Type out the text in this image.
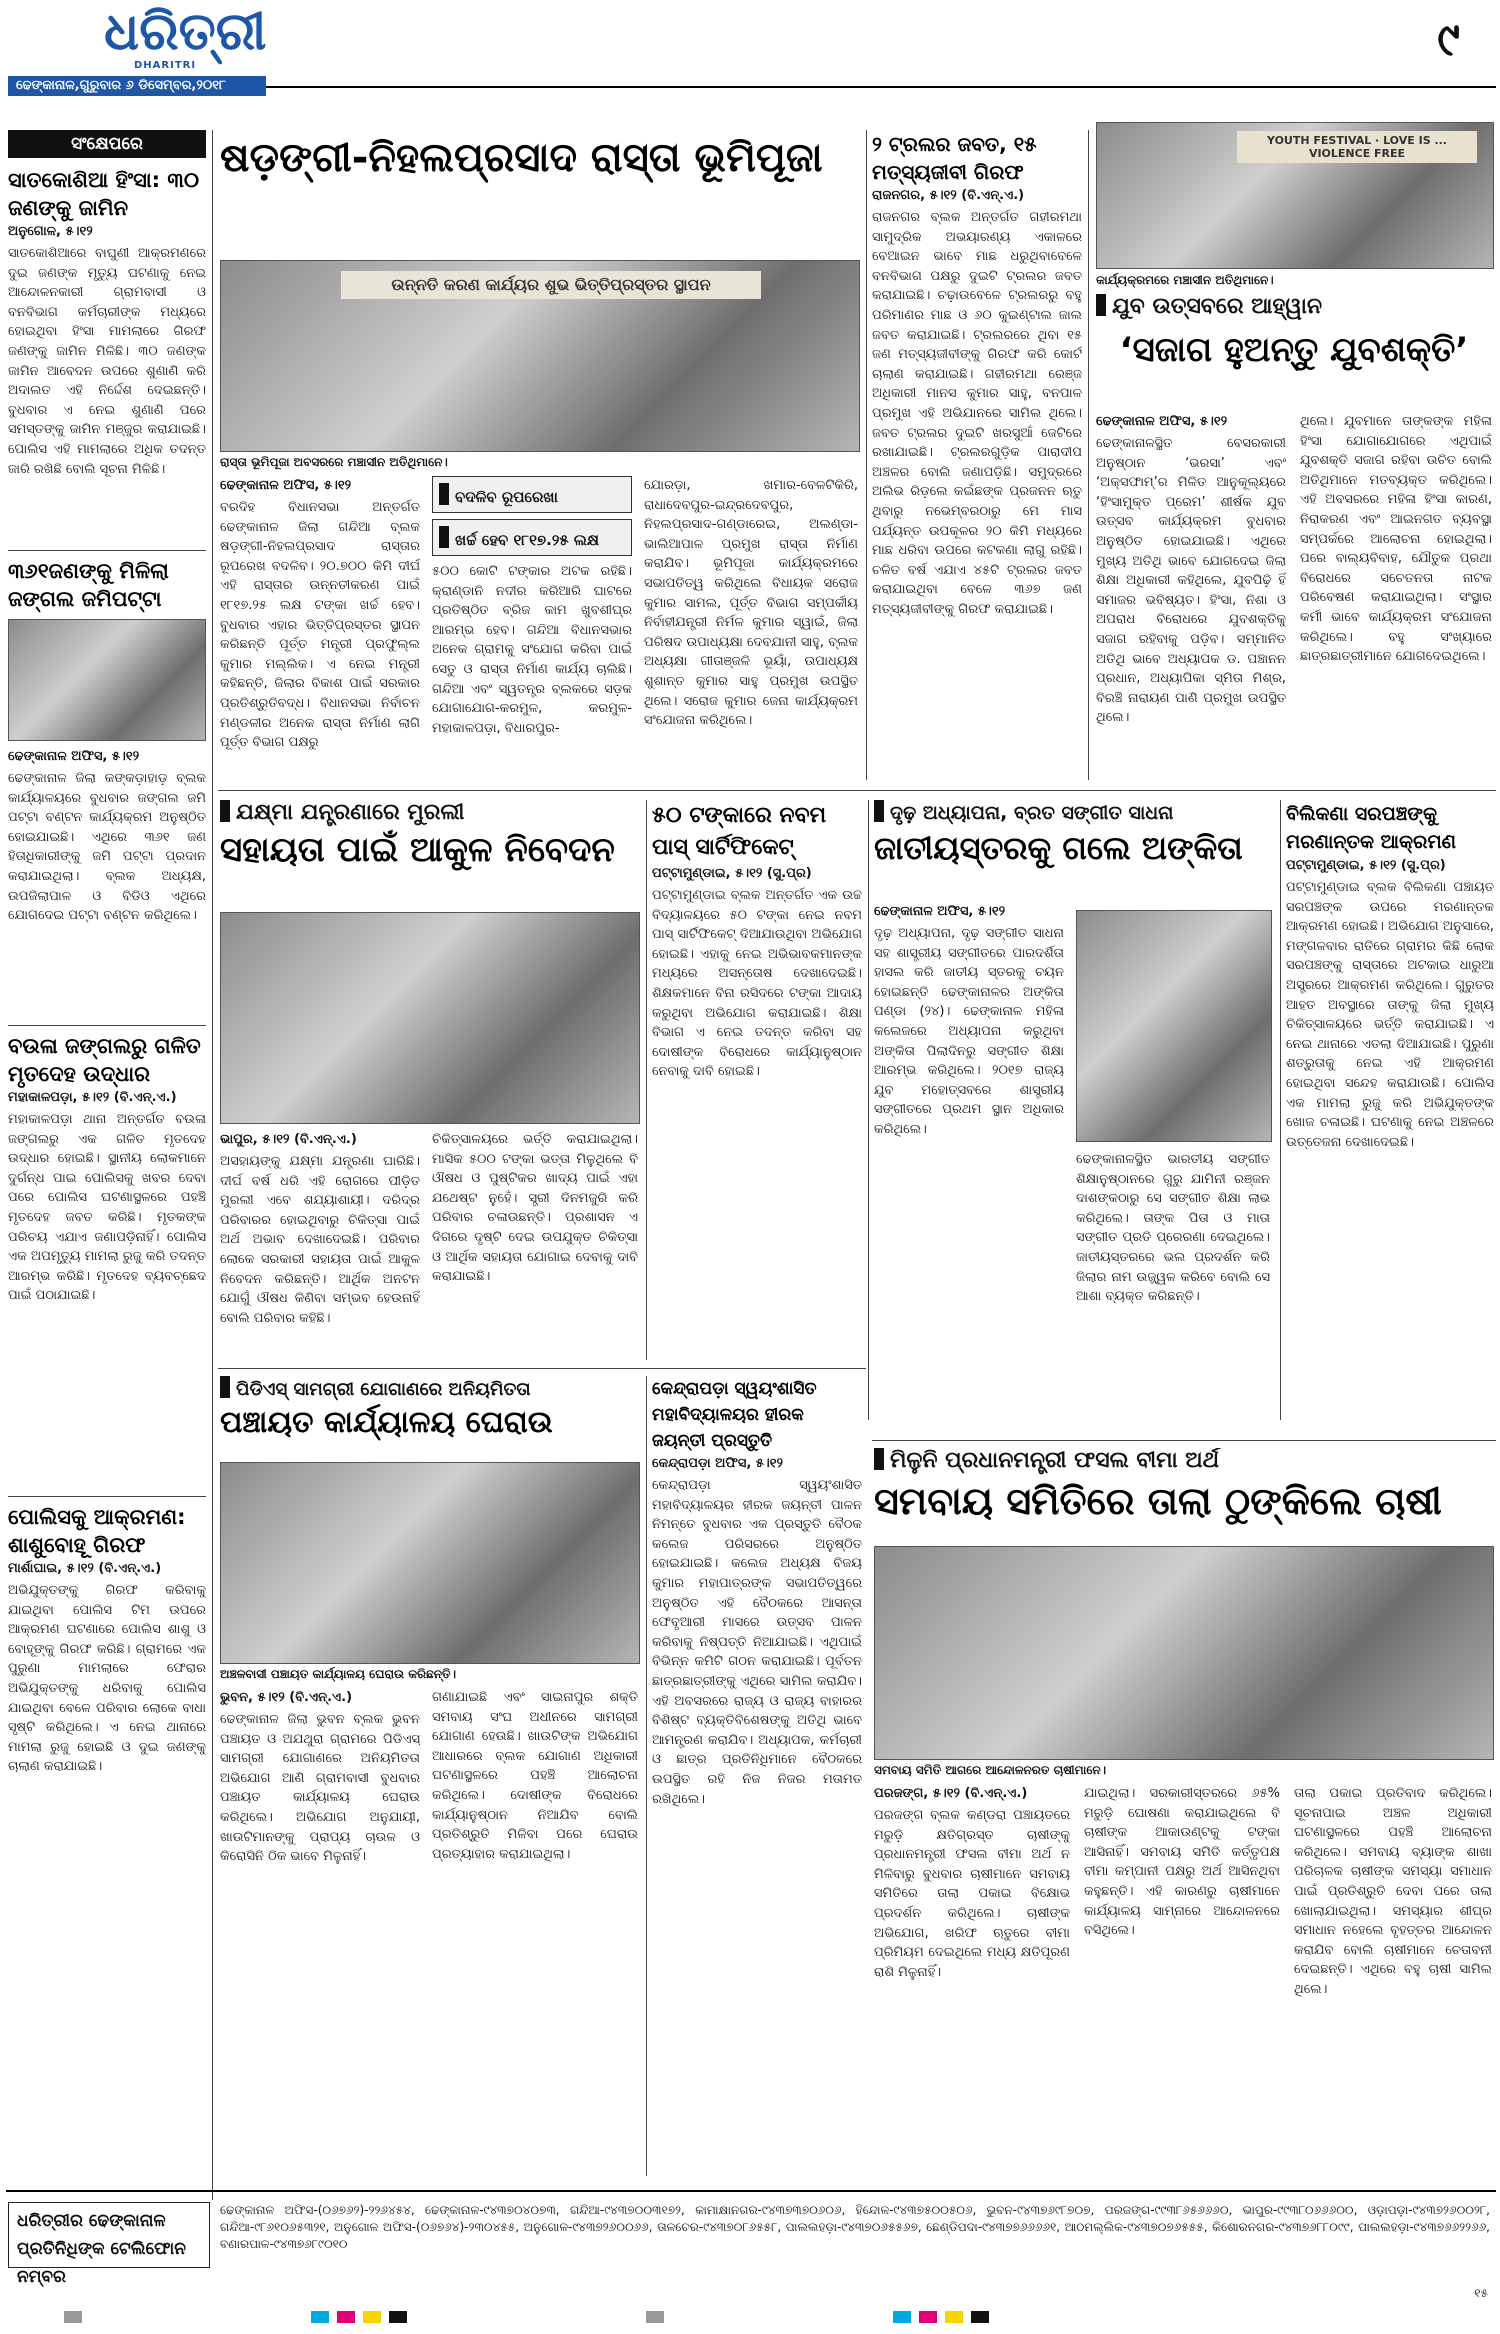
ଧରିତ୍ରୀ
DHARITRI	୯
ଢେଙ୍କାନାଳ,ଗୁରୁବାର ୬ ଡିସେମ୍ବର,୨୦୧୮
ସଂକ୍ଷେପରେ

ସାତକୋଶିଆ ହିଂସା: ୩୦ ଜଣଙ୍କୁ ଜାମିନ

ଅନୁଗୋଳ, ୫।୧୨

ସାତକୋଶିଆରେ ବାଘୁଣୀ ଆକ୍ରମଣରେ ଦୁଇ ଜଣଙ୍କ ମୃତ୍ୟୁ ଘଟଣାକୁ ନେଇ ଆନ୍ଦୋଳନକାରୀ ଗ୍ରାମବାସୀ ଓ ବନବିଭାଗ କର୍ମଚାରୀଙ୍କ ମଧ୍ୟରେ ହୋଇଥିବା ହିଂସା ମାମଲାରେ ଗିରଫ ଜଣଙ୍କୁ ଜାମିନ ମିଳିଛି। ୩୦ ଜଣଙ୍କ ଜାମିନ ଆବେଦନ ଉପରେ ଶୁଣାଣି କରି ଅଦାଲତ ଏହି ନିର୍ଦ୍ଦେଶ ଦେଇଛନ୍ତି। ବୁଧବାର ଏ ନେଇ ଶୁଣାଣି ପରେ ସମସ୍ତଙ୍କୁ ଜାମିନ ମଞ୍ଜୁର କରାଯାଇଛି। ପୋଲିସ ଏହି ମାମଲାରେ ଅଧିକ ତଦନ୍ତ ଜାରି ରଖିଛି ବୋଲି ସୂଚନା ମିଳିଛି।

୩୬୧ଜଣଙ୍କୁ ମିଳିଲା ଜଙ୍ଗଲ ଜମିପଟ୍ଟା

ଢେଙ୍କାନାଳ ଅଫିସ, ୫।୧୨

ଢେଙ୍କାନାଳ ଜିଲା କଙ୍କଡ଼ାହାଡ଼ ବ୍ଲକ କାର୍ଯ୍ୟାଳୟରେ ବୁଧବାର ଜଙ୍ଗଲ ଜମି ପଟ୍ଟା ବଣ୍ଟନ କାର୍ଯ୍ୟକ୍ରମ ଅନୁଷ୍ଠିତ ହୋଇଯାଇଛି। ଏଥିରେ ୩୬୧ ଜଣ ହିତାଧିକାରୀଙ୍କୁ ଜମି ପଟ୍ଟା ପ୍ରଦାନ କରାଯାଇଥିଲା। ବ୍ଲକ ଅଧ୍ୟକ୍ଷ, ଉପଜିଲାପାଳ ଓ ବିଡିଓ ଏଥିରେ ଯୋଗଦେଇ ପଟ୍ଟା ବଣ୍ଟନ କରିଥିଲେ।

ବଉଳା ଜଙ୍ଗଲରୁ ଗଳିତ ମୃତଦେହ ଉଦ୍ଧାର

ମହାକାଳପଡ଼ା, ୫।୧୨ (ବି.ଏନ୍.ଏ.)

ମହାକାଳପଡ଼ା ଥାନା ଅନ୍ତର୍ଗତ ବଉଳା ଜଙ୍ଗଲରୁ ଏକ ଗଳିତ ମୃତଦେହ ଉଦ୍ଧାର ହୋଇଛି। ସ୍ଥାନୀୟ ଲୋକମାନେ ଦୁର୍ଗନ୍ଧ ପାଇ ପୋଲିସକୁ ଖବର ଦେବା ପରେ ପୋଲିସ ଘଟଣାସ୍ଥଳରେ ପହଞ୍ଚି ମୃତଦେହ ଜବତ କରିଛି। ମୃତକଙ୍କ ପରିଚୟ ଏଯାଏ ଜଣାପଡ଼ିନାହିଁ। ପୋଲିସ ଏକ ଅପମୃତ୍ୟୁ ମାମଲା ରୁଜୁ କରି ତଦନ୍ତ ଆରମ୍ଭ କରିଛି। ମୃତଦେହ ବ୍ୟବଚ୍ଛେଦ ପାଇଁ ପଠାଯାଇଛି।

ପୋଲିସକୁ ଆକ୍ରମଣ: ଶାଶୁବୋହୂ ଗିରଫ

ମାର୍ଶାଘାଇ, ୫।୧୨ (ବି.ଏନ୍.ଏ.)

ଅଭିଯୁକ୍ତଙ୍କୁ ଗିରଫ କରିବାକୁ ଯାଇଥିବା ପୋଲିସ ଟିମ ଉପରେ ଆକ୍ରମଣ ଘଟଣାରେ ପୋଲିସ ଶାଶୁ ଓ ବୋହୂଙ୍କୁ ଗିରଫ କରିଛି। ଗ୍ରାମରେ ଏକ ପୁରୁଣା ମାମଲାରେ ଫେରାର ଅଭିଯୁକ୍ତଙ୍କୁ ଧରିବାକୁ ପୋଲିସ ଯାଇଥିବା ବେଳେ ପରିବାର ଲୋକେ ବାଧା ସୃଷ୍ଟି କରିଥିଲେ। ଏ ନେଇ ଥାନାରେ ମାମଲା ରୁଜୁ ହୋଇଛି ଓ ଦୁଇ ଜଣଙ୍କୁ ଚାଲାଣ କରାଯାଇଛି।

ଷଡ଼ଙ୍ଗୀ-ନିହଲପ୍ରସାଦ ରାସ୍ତା ଭୂମିପୂଜା
ଉନ୍ନତି କରଣ କାର୍ଯ୍ୟର ଶୁଭ ଭିତ୍ତିପ୍ରସ୍ତର ସ୍ଥାପନ
ରାସ୍ତା ଭୂମିପୂଜା ଅବସରରେ ମଞ୍ଚାସୀନ ଅତିଥିମାନେ।

ଢେଙ୍କାନାଳ ଅଫିସ, ୫।୧୨

ବରଦିହ ବିଧାନସଭା ଅନ୍ତର୍ଗତ ଢେଙ୍କାନାଳ ଜିଲା ଗନ୍ଦିଆ ବ୍ଲକ ଷଡ଼ଙ୍ଗୀ-ନିହଲପ୍ରସାଦ ରାସ୍ତାର ରୂପରେଖ ବଦଳିବ। ୨୦.୭୦୦ କିମି ଦୀର୍ଘ ଏହି ରାସ୍ତାର ଉନ୍ନତୀକରଣ ପାଇଁ ୧୮୧୭.୨୫ ଲକ୍ଷ ଟଙ୍କା ଖର୍ଚ୍ଚ ହେବ। ବୁଧବାର ଏହାର ଭିତ୍ତିପ୍ରସ୍ତର ସ୍ଥାପନ କରିଛନ୍ତି ପୂର୍ତ୍ତ ମନ୍ତ୍ରୀ ପ୍ରଫୁଲ୍ଲ କୁମାର ମଲ୍ଲିକ। ଏ ନେଇ ମନ୍ତ୍ରୀ କହିଛନ୍ତି, ଜିଲାର ବିକାଶ ପାଇଁ ସରକାର ପ୍ରତିଶ୍ରୁତିବଦ୍ଧ। ବିଧାନସଭା ନିର୍ବାଚନ ମଣ୍ଡଳୀର ଅନେକ ରାସ୍ତା ନିର୍ମାଣ ଲାଗି ପୂର୍ତ୍ତ ବିଭାଗ ପକ୍ଷରୁ

ବଦଳିବ ରୂପରେଖା
ଖର୍ଚ୍ଚ ହେବ ୧୮୧୭.୨୫ ଲକ୍ଷ

୫୦୦ କୋଟି ଟଙ୍କାର ଅଟକ ରହିଛି। କ୍ରାଣ୍ଡାନି ନଦୀର କରିଆରି ଘାଟରେ ପ୍ରତିଷ୍ଠିତ ବ୍ରିଜ କାମ ଖୁବଶୀଘ୍ର ଆରମ୍ଭ ହେବ। ଗନ୍ଦିଆ ବିଧାନସଭାର ଅନେକ ଗ୍ରାମକୁ ସଂଯୋଗ କରିବା ପାଇଁ ସେତୁ ଓ ରାସ୍ତା ନିର୍ମାଣ କାର୍ଯ୍ୟ ଚାଲିଛି। ଗନ୍ଦିଆ ଏବଂ ସ୍ୱତନ୍ତ୍ର ବ୍ଲକରେ ସଡ଼କ ଯୋଗାଯୋଗ-କରମୁଳ, କରମୁଳ-ମହାକାଳପଡ଼ା, ବିଧାରପୁର-

ଯୋରଡ଼ା, ଖମାର-ବେଳଟିକିରି, ରାଧାଦେବପୁର-ଇନ୍ଦ୍ରଦେବପୁର, ନିହଲପ୍ରସାଦ-ଗଣ୍ଡାରେଇ, ଅଲଣ୍ଡା-ଭାଲିଆପାଳ ପ୍ରମୁଖ ରାସ୍ତା ନିର୍ମାଣ କରାଯିବ। ଭୂମିପୂଜା କାର୍ଯ୍ୟକ୍ରମରେ ସଭାପତିତ୍ୱ କରିଥିଲେ ବିଧାୟକ ସରୋଜ କୁମାର ସାମଲ, ପୂର୍ତ୍ତ ବିଭାଗ ସମ୍ପର୍କୀୟ ନିର୍ବାହୀଯନ୍ତ୍ରୀ ନିର୍ମଳ କୁମାର ସ୍ୱାଇଁ, ଜିଲା ପରିଷଦ ଉପାଧ୍ୟକ୍ଷା ଦେବଯାନୀ ସାହୁ, ବ୍ଲକ ଅଧ୍ୟକ୍ଷା ଗୀତାଞ୍ଜଳି ଭୂୟାଁ, ଉପାଧ୍ୟକ୍ଷ ଶୁଶାନ୍ତ କୁମାର ସାହୁ ପ୍ରମୁଖ ଉପସ୍ଥିତ ଥିଲେ। ସରୋଜ କୁମାର ଜେନା କାର୍ଯ୍ୟକ୍ରମ ସଂଯୋଜନା କରିଥିଲେ।

୨ ଟ୍ରଲର ଜବତ, ୧୫ ମତ୍ସ୍ୟଜୀବୀ ଗିରଫ

ରାଜନଗର, ୫।୧୨ (ବି.ଏନ୍.ଏ.)

ରାଜନଗର ବ୍ଲକ ଅନ୍ତର୍ଗତ ଗହୀରମଥା ସାମୁଦ୍ରିକ ଅଭୟାରଣ୍ୟ ଏକାଳରେ ବେଆଇନ ଭାବେ ମାଛ ଧରୁଥିବାବେଳେ ବନବିଭାଗ ପକ୍ଷରୁ ଦୁଇଟି ଟ୍ରଲର ଜବତ କରାଯାଇଛି। ଚଢ଼ାଉବେଳେ ଟ୍ରଲରରୁ ବହୁ ପରିମାଣର ମାଛ ଓ ୬୦ କୁଇଣ୍ଟାଲ ଜାଲ ଜବତ କରାଯାଇଛି। ଟ୍ରଲରରେ ଥିବା ୧୫ ଜଣ ମତ୍ସ୍ୟଜୀବୀଙ୍କୁ ଗିରଫ କରି କୋର୍ଟ ଚାଲାଣ କରାଯାଇଛି। ଗହୀରମଥା ରେଞ୍ଜ ଅଧିକାରୀ ମାନସ କୁମାର ସାହୁ, ବନପାଳ ପ୍ରମୁଖ ଏହି ଅଭିଯାନରେ ସାମିଲ ଥିଲେ। ଜବତ ଟ୍ରଲର ଦୁଇଟି ଖରସୁଆଁ ଜେଟିରେ ରଖାଯାଇଛି। ଟ୍ରଲରଗୁଡ଼ିକ ପାରାଦୀପ ଅଞ୍ଚଳର ବୋଲି ଜଣାପଡ଼ିଛି। ସମୁଦ୍ରରେ ଅଲିଭ ରିଡ଼ଲେ କଇଁଛଙ୍କ ପ୍ରଜନନ ଋତୁ ଥିବାରୁ ନଭେମ୍ବରଠାରୁ ମେ ମାସ ପର୍ଯ୍ୟନ୍ତ ଉପକୂଳର ୨୦ କିମି ମଧ୍ୟରେ ମାଛ ଧରିବା ଉପରେ କଟକଣା ଲାଗୁ ରହିଛି। ଚଳିତ ବର୍ଷ ଏଯାଏ ୪୫ଟି ଟ୍ରଲର ଜବତ କରାଯାଇଥିବା ବେଳେ ୩୬୭ ଜଣ ମତ୍ସ୍ୟଜୀବୀଙ୍କୁ ଗିରଫ କରାଯାଇଛି।

YOUTH FESTIVAL · LOVE IS ... VIOLENCE FREE
କାର୍ଯ୍ୟକ୍ରମରେ ମଞ୍ଚାସୀନ ଅତିଥିମାନେ।
ଯୁବ ଉତ୍ସବରେ ଆହ୍ୱାନ

‘ସଜାଗ ହୁଅନ୍ତୁ ଯୁବଶକ୍ତି’

ଢେଙ୍କାନାଳ ଅଫିସ, ୫।୧୨

ଢେଙ୍କାନାଳସ୍ଥିତ ବେସରକାରୀ ଅନୁଷ୍ଠାନ ‘ଭରସା’ ଏବଂ ‘ଅକ୍ସଫାମ୍’ର ମିଳିତ ଆନୁକୂଲ୍ୟରେ ‘ହିଂସାମୁକ୍ତ ପ୍ରେମ’ ଶୀର୍ଷକ ଯୁବ ଉତ୍ସବ କାର୍ଯ୍ୟକ୍ରମ ବୁଧବାର ଅନୁଷ୍ଠିତ ହୋଇଯାଇଛି। ଏଥିରେ ମୁଖ୍ୟ ଅତିଥି ଭାବେ ଯୋଗଦେଇ ଜିଲା ଶିକ୍ଷା ଅଧିକାରୀ କହିଥିଲେ, ଯୁବପିଢ଼ି ହିଁ ସମାଜର ଭବିଷ୍ୟତ। ହିଂସା, ନିଶା ଓ ଅପରାଧ ବିରୋଧରେ ଯୁବଶକ୍ତିକୁ ସଜାଗ ରହିବାକୁ ପଡ଼ିବ। ସମ୍ମାନିତ ଅତିଥି ଭାବେ ଅଧ୍ୟାପକ ଡ. ପଞ୍ଚାନନ ପ୍ରଧାନ, ଅଧ୍ୟାପିକା ସ୍ମିତା ମିଶ୍ର, ବିରଞ୍ଚି ନାରାୟଣ ପାଣି ପ୍ରମୁଖ ଉପସ୍ଥିତ ଥିଲେ।

ଥିଲେ। ଯୁବମାନେ ତାଙ୍କଙ୍କ ମହିଳା ହିଂସା ଯୋଗାଯୋଗରେ ଏଥିପାଇଁ ଯୁବଶକ୍ତି ସଜାଗ ରହିବା ଉଚିତ ବୋଲି ଅତିଥିମାନେ ମତବ୍ୟକ୍ତ କରିଥିଲେ। ଏହି ଅବସରରେ ମହିଳା ହିଂସା କାରଣ, ନିରାକରଣ ଏବଂ ଆଇନଗତ ବ୍ୟବସ୍ଥା ସମ୍ପର୍କରେ ଆଲୋଚନା ହୋଇଥିଲା। ପରେ ବାଲ୍ୟବିବାହ, ଯୌତୁକ ପ୍ରଥା ବିରୋଧରେ ସଚେତନତା ନାଟକ ପରିବେଷଣ କରାଯାଇଥିଲା। ସଂସ୍ଥାର କର୍ମୀ ଭାବେ କାର୍ଯ୍ୟକ୍ରମ ସଂଯୋଜନା କରିଥିଲେ। ବହୁ ସଂଖ୍ୟାରେ ଛାତ୍ରଛାତ୍ରୀମାନେ ଯୋଗଦେଇଥିଲେ।

ଯକ୍ଷ୍ମା ଯନ୍ତ୍ରଣାରେ ମୁରଲୀ

ସହାୟତା ପାଇଁ ଆକୁଳ ନିବେଦନ

ଭାପୁର, ୫।୧୨ (ବି.ଏନ୍.ଏ.)

ଅସହାୟଙ୍କୁ ଯକ୍ଷ୍ମା ଯନ୍ତ୍ରଣା ଘାରିଛି। ଦୀର୍ଘ ବର୍ଷ ଧରି ଏହି ରୋଗରେ ପୀଡ଼ିତ ମୁରଲୀ ଏବେ ଶଯ୍ୟାଶାୟୀ। ଦରିଦ୍ର ପରିବାରର ହୋଇଥିବାରୁ ଚିକିତ୍ସା ପାଇଁ ଅର୍ଥ ଅଭାବ ଦେଖାଦେଇଛି। ପରିବାର ଲୋକେ ସରକାରୀ ସହାୟତା ପାଇଁ ଆକୁଳ ନିବେଦନ କରିଛନ୍ତି। ଆର୍ଥିକ ଅନଟନ ଯୋଗୁଁ ଔଷଧ କିଣିବା ସମ୍ଭବ ହେଉନାହିଁ ବୋଲି ପରିବାର କହିଛି।

ଚିକିତ୍ସାଳୟରେ ଭର୍ତ୍ତି କରାଯାଇଥିଲା। ମାସିକ ୫୦୦ ଟଙ୍କା ଭତ୍ତା ମିଳୁଥିଲେ ବି ଔଷଧ ଓ ପୁଷ୍ଟିକର ଖାଦ୍ୟ ପାଇଁ ଏହା ଯଥେଷ୍ଟ ନୁହେଁ। ସ୍ତ୍ରୀ ଦିନମଜୁରି କରି ପରିବାର ଚଳାଉଛନ୍ତି। ପ୍ରଶାସନ ଏ ଦିଗରେ ଦୃଷ୍ଟି ଦେଇ ଉପଯୁକ୍ତ ଚିକିତ୍ସା ଓ ଆର୍ଥିକ ସହାୟତା ଯୋଗାଇ ଦେବାକୁ ଦାବି କରାଯାଇଛି।

୫୦ ଟଙ୍କାରେ ନବମ ପାସ୍ ସାର୍ଟିଫିକେଟ୍

ପଟ୍ଟାମୁଣ୍ଡାଇ, ୫।୧୨ (ସୁ.ପ୍ର)

ପଟ୍ଟାମୁଣ୍ଡାଇ ବ୍ଲକ ଅନ୍ତର୍ଗତ ଏକ ଉଚ୍ଚ ବିଦ୍ୟାଳୟରେ ୫୦ ଟଙ୍କା ନେଇ ନବମ ପାସ୍ ସାର୍ଟିଫିକେଟ୍ ଦିଆଯାଉଥିବା ଅଭିଯୋଗ ହୋଇଛି। ଏହାକୁ ନେଇ ଅଭିଭାବକମାନଙ୍କ ମଧ୍ୟରେ ଅସନ୍ତୋଷ ଦେଖାଦେଇଛି। ଶିକ୍ଷକମାନେ ବିନା ରସିଦରେ ଟଙ୍କା ଆଦାୟ କରୁଥିବା ଅଭିଯୋଗ କରାଯାଇଛି। ଶିକ୍ଷା ବିଭାଗ ଏ ନେଇ ତଦନ୍ତ କରିବା ସହ ଦୋଷୀଙ୍କ ବିରୋଧରେ କାର୍ଯ୍ୟାନୁଷ୍ଠାନ ନେବାକୁ ଦାବି ହୋଇଛି।

ଦୃଢ଼ ଅଧ୍ୟାପନା, ବ୍ରତ ସଙ୍ଗୀତ ସାଧନା

ଜାତୀୟସ୍ତରକୁ ଗଲେ ଅଙ୍କିତା

ଢେଙ୍କାନାଳ ଅଫିସ, ୫।୧୨

ଦୃଢ଼ ଅଧ୍ୟାପନା, ଦୃଢ଼ ସଙ୍ଗୀତ ସାଧନା ସହ ଶାସ୍ତ୍ରୀୟ ସଙ୍ଗୀତରେ ପାରଦର୍ଶିତା ହାସଲ କରି ଜାତୀୟ ସ୍ତରକୁ ଚୟନ ହୋଇଛନ୍ତି ଢେଙ୍କାନାଳର ଅଙ୍କିତା ପଣ୍ଡା (୨୪)। ଢେଙ୍କାନାଳ ମହିଳା କଲେଜରେ ଅଧ୍ୟାପନା କରୁଥିବା ଅଙ୍କିତା ପିଲାଦିନରୁ ସଙ୍ଗୀତ ଶିକ୍ଷା ଆରମ୍ଭ କରିଥିଲେ। ୨୦୧୭ ରାଜ୍ୟ ଯୁବ ମହୋତ୍ସବରେ ଶାସ୍ତ୍ରୀୟ ସଙ୍ଗୀତରେ ପ୍ରଥମ ସ୍ଥାନ ଅଧିକାର କରିଥିଲେ।

ଢେଙ୍କାନାଳସ୍ଥିତ ଭାରତୀୟ ସଙ୍ଗୀତ ଶିକ୍ଷାନୁଷ୍ଠାନରେ ଗୁରୁ ଯାମିନୀ ରଞ୍ଜନ ଦାଶଙ୍କଠାରୁ ସେ ସଙ୍ଗୀତ ଶିକ୍ଷା ଲାଭ କରିଥିଲେ। ତାଙ୍କ ପିତା ଓ ମାତା ସଙ୍ଗୀତ ପ୍ରତି ପ୍ରେରଣା ଦେଇଥିଲେ। ଜାତୀୟସ୍ତରରେ ଭଲ ପ୍ରଦର୍ଶନ କରି ଜିଲାର ନାମ ଉଜ୍ଜ୍ୱଳ କରିବେ ବୋଲି ସେ ଆଶା ବ୍ୟକ୍ତ କରିଛନ୍ତି।

ବିଲିକଣା ସରପଞ୍ଚଙ୍କୁ ମରଣାନ୍ତକ ଆକ୍ରମଣ

ପଟ୍ଟାମୁଣ୍ଡାଇ, ୫।୧୨ (ସୁ.ପ୍ର)

ପଟ୍ଟାମୁଣ୍ଡାଇ ବ୍ଲକ ବିଲିକଣା ପଞ୍ଚାୟତ ସରପଞ୍ଚଙ୍କ ଉପରେ ମରଣାନ୍ତକ ଆକ୍ରମଣ ହୋଇଛି। ଅଭିଯୋଗ ଅନୁସାରେ, ମଙ୍ଗଳବାର ରାତିରେ ଗ୍ରାମର କିଛି ଲୋକ ସରପଞ୍ଚଙ୍କୁ ରାସ୍ତାରେ ଅଟକାଇ ଧାରୁଆ ଅସ୍ତ୍ରରେ ଆକ୍ରମଣ କରିଥିଲେ। ଗୁରୁତର ଆହତ ଅବସ୍ଥାରେ ତାଙ୍କୁ ଜିଲା ମୁଖ୍ୟ ଚିକିତ୍ସାଳୟରେ ଭର୍ତ୍ତି କରାଯାଇଛି। ଏ ନେଇ ଥାନାରେ ଏତଲା ଦିଆଯାଇଛି। ପୁରୁଣା ଶତ୍ରୁତାକୁ ନେଇ ଏହି ଆକ୍ରମଣ ହୋଇଥିବା ସନ୍ଦେହ କରାଯାଉଛି। ପୋଲିସ ଏକ ମାମଲା ରୁଜୁ କରି ଅଭିଯୁକ୍ତଙ୍କ ଖୋଜ ଚଳାଇଛି। ଘଟଣାକୁ ନେଇ ଅଞ୍ଚଳରେ ଉତ୍ତେଜନା ଦେଖାଦେଇଛି।

ପିଡିଏସ୍ ସାମଗ୍ରୀ ଯୋଗାଣରେ ଅନିୟମିତତା

ପଞ୍ଚାୟତ କାର୍ଯ୍ୟାଳୟ ଘେରାଉ

ଅଞ୍ଚଳବାସୀ ପଞ୍ଚାୟତ କାର୍ଯ୍ୟାଳୟ ଘେରାଉ କରିଛନ୍ତି।

ଭୁବନ, ୫।୧୨ (ବି.ଏନ୍.ଏ.)

ଢେଙ୍କାନାଳ ଜିଲା ଭୁବନ ବ୍ଲକ ଭୁବନ ପଞ୍ଚାୟତ ଓ ଅଯଥୁରା ଗ୍ରାମରେ ପିଡିଏସ୍ ସାମଗ୍ରୀ ଯୋଗାଣରେ ଅନିୟମିତତା ଅଭିଯୋଗ ଆଣି ଗ୍ରାମବାସୀ ବୁଧବାର ପଞ୍ଚାୟତ କାର୍ଯ୍ୟାଳୟ ଘେରାଉ କରିଥିଲେ। ଅଭିଯୋଗ ଅନୁଯାୟୀ, ଖାଉଟିମାନଙ୍କୁ ପ୍ରାପ୍ୟ ଚାଉଳ ଓ କିରୋସିନି ଠିକ ଭାବେ ମିଳୁନାହିଁ।

ଗଣାଯାଇଛି ଏବଂ ସାଇନାପୁର ଶକ୍ତି ସମବାୟ ସଂଘ ଅଧୀନରେ ସାମଗ୍ରୀ ଯୋଗାଣ ହେଉଛି। ଖାଉଟିଙ୍କ ଅଭିଯୋଗ ଆଧାରରେ ବ୍ଲକ ଯୋଗାଣ ଅଧିକାରୀ ଘଟଣାସ୍ଥଳରେ ପହଞ୍ଚି ଆଲୋଚନା କରିଥିଲେ। ଦୋଷୀଙ୍କ ବିରୋଧରେ କାର୍ଯ୍ୟାନୁଷ୍ଠାନ ନିଆଯିବ ବୋଲି ପ୍ରତିଶ୍ରୁତି ମିଳିବା ପରେ ଘେରାଉ ପ୍ରତ୍ୟାହାର କରାଯାଇଥିଲା।

କେନ୍ଦ୍ରାପଡ଼ା ସ୍ୱୟଂଶାସିତ ମହାବିଦ୍ୟାଳୟର ହୀରକ ଜୟନ୍ତୀ ପ୍ରସ୍ତୁତି

କେନ୍ଦ୍ରାପଡ଼ା ଅଫିସ, ୫।୧୨

କେନ୍ଦ୍ରାପଡ଼ା ସ୍ୱୟଂଶାସିତ ମହାବିଦ୍ୟାଳୟର ହୀରକ ଜୟନ୍ତୀ ପାଳନ ନିମନ୍ତେ ବୁଧବାର ଏକ ପ୍ରସ୍ତୁତି ବୈଠକ କଲେଜ ପରିସରରେ ଅନୁଷ୍ଠିତ ହୋଇଯାଇଛି। କଲେଜ ଅଧ୍ୟକ୍ଷ ବିଜୟ କୁମାର ମହାପାତ୍ରଙ୍କ ସଭାପତିତ୍ୱରେ ଅନୁଷ୍ଠିତ ଏହି ବୈଠକରେ ଆସନ୍ତା ଫେବୃଆରୀ ମାସରେ ଉତ୍ସବ ପାଳନ କରିବାକୁ ନିଷ୍ପତ୍ତି ନିଆଯାଇଛି। ଏଥିପାଇଁ ବିଭିନ୍ନ କମିଟି ଗଠନ କରାଯାଇଛି। ପୂର୍ବତନ ଛାତ୍ରଛାତ୍ରୀଙ୍କୁ ଏଥିରେ ସାମିଲ କରାଯିବ। ଏହି ଅବସରରେ ରାଜ୍ୟ ଓ ରାଜ୍ୟ ବାହାରର ବିଶିଷ୍ଟ ବ୍ୟକ୍ତିବିଶେଷଙ୍କୁ ଅତିଥି ଭାବେ ଆମନ୍ତ୍ରଣ କରାଯିବ। ଅଧ୍ୟାପକ, କର୍ମଚାରୀ ଓ ଛାତ୍ର ପ୍ରତିନିଧିମାନେ ବୈଠକରେ ଉପସ୍ଥିତ ରହି ନିଜ ନିଜର ମତାମତ ରଖିଥିଲେ।

ମିଳୁନି ପ୍ରଧାନମନ୍ତ୍ରୀ ଫସଲ ବୀମା ଅର୍ଥ

ସମବାୟ ସମିତିରେ ତାଲା ଠୁଙ୍କିଲେ ଚାଷୀ

ସମବାୟ ସମିତି ଆଗରେ ଆନ୍ଦୋଳନରତ ଚାଷୀମାନେ।

ପରଜଙ୍ଗ, ୫।୧୨ (ବି.ଏନ୍.ଏ.)

ପରଜଙ୍ଗ ବ୍ଲକ କଣ୍ଡରା ପଞ୍ଚାୟତରେ ମରୁଡ଼ି କ୍ଷତିଗ୍ରସ୍ତ ଚାଷୀଙ୍କୁ ପ୍ରଧାନମନ୍ତ୍ରୀ ଫସଲ ବୀମା ଅର୍ଥ ନ ମିଳିବାରୁ ବୁଧବାର ଚାଷୀମାନେ ସମବାୟ ସମିତିରେ ତାଲା ପକାଇ ବିକ୍ଷୋଭ ପ୍ରଦର୍ଶନ କରିଥିଲେ। ଚାଷୀଙ୍କ ଅଭିଯୋଗ, ଖରିଫ ଋତୁରେ ବୀମା ପ୍ରିମିୟମ ଦେଇଥିଲେ ମଧ୍ୟ କ୍ଷତିପୂରଣ ରାଶି ମିଳୁନାହିଁ।

ଯାଇଥିଲା। ସରକାରୀସ୍ତରରେ ୬୫% ମରୁଡ଼ି ଘୋଷଣା କରାଯାଇଥିଲେ ବି ଚାଷୀଙ୍କ ଆକାଉଣ୍ଟକୁ ଟଙ୍କା ଆସିନାହିଁ। ସମବାୟ ସମିତି କର୍ତ୍ତୃପକ୍ଷ ବୀମା କମ୍ପାନୀ ପକ୍ଷରୁ ଅର୍ଥ ଆସିନଥିବା କହୁଛନ୍ତି। ଏହି କାରଣରୁ ଚାଷୀମାନେ କାର୍ଯ୍ୟାଳୟ ସାମ୍ନାରେ ଆନ୍ଦୋଳନରେ ବସିଥିଲେ।

ତାଲା ପକାଇ ପ୍ରତିବାଦ କରିଥିଲେ। ସୂଚନାପାଇ ଅଞ୍ଚଳ ଅଧିକାରୀ ଘଟଣାସ୍ଥଳରେ ପହଞ୍ଚି ଆଲୋଚନା କରିଥିଲେ। ସମବାୟ ବ୍ୟାଙ୍କ ଶାଖା ପରିଚାଳକ ଚାଷୀଙ୍କ ସମସ୍ୟା ସମାଧାନ ପାଇଁ ପ୍ରତିଶ୍ରୁତି ଦେବା ପରେ ତାଲା ଖୋଲାଯାଇଥିଲା। ସମସ୍ୟାର ଶୀଘ୍ର ସମାଧାନ ନହେଲେ ବୃହତ୍ତର ଆନ୍ଦୋଳନ କରାଯିବ ବୋଲି ଚାଷୀମାନେ ଚେତାବନୀ ଦେଇଛନ୍ତି। ଏଥିରେ ବହୁ ଚାଷୀ ସାମିଲ ଥିଲେ।

ଧରିତ୍ରୀର ଢେଙ୍କାନାଳ ପ୍ରତିନିଧିଙ୍କ ଟେଲିଫୋନ ନମ୍ବର

ଢେଙ୍କାନାଳ ଅଫିସ-(୦୬୭୬୨)-୨୨୬୪୫୪, ଢେଙ୍କାନାଳ-୯୪୩୭୦୪୦୭୩, ଗନ୍ଦିଆ-୯୪୩୭୦୦୩୧୭୨, କାମାକ୍ଷାନଗର-୯୪୩୭୩୭୦୬୦୬, ହିନ୍ଦୋଳ-୯୪୩୭୫୦୦୫୦୬, ଭୁବନ-୯୪୩୭୬୯୮୭୦୭, ପରଜଙ୍ଗ-୯୯୩୮୬୫୬୬୬୦, ଭାପୁର-୯୯୩୮୦୬୬୬୦୦, ଓଡ଼ାପଡ଼ା-୯୪୩୭୨୬୦୦୨୮, ଗନ୍ଦିଆ-୯୮୬୧୦୬୫୩୨୧, ଅନୁଗୋଳ ଅଫିସ-(୦୬୭୬୪)-୨୩୦୪୫୫, ଅନୁଗୋଳ-୯୪୩୭୨୬୦୦୬୬, ତାଳଚେର-୯୪୩୭୦୮୬୫୫୮, ପାଲଲହଡ଼ା-୯୪୩୭୦୬୫୫୬୭, ଛେଣ୍ଡିପଦା-୯୪୩୭୭୬୬୬୬୧, ଆଠମଲ୍ଲିକ-୯୪୩୭୦୭୬୫୫୫, କିଶୋରନଗର-୯୪୩୭୬୮୮୦୯୯, ପାଲଲହଡ଼ା-୯୪୩୭୬୬୨୨୬୬, ବଣାରପାଳ-୯୪୩୭୬୮୯୦୧୦

୧୫
